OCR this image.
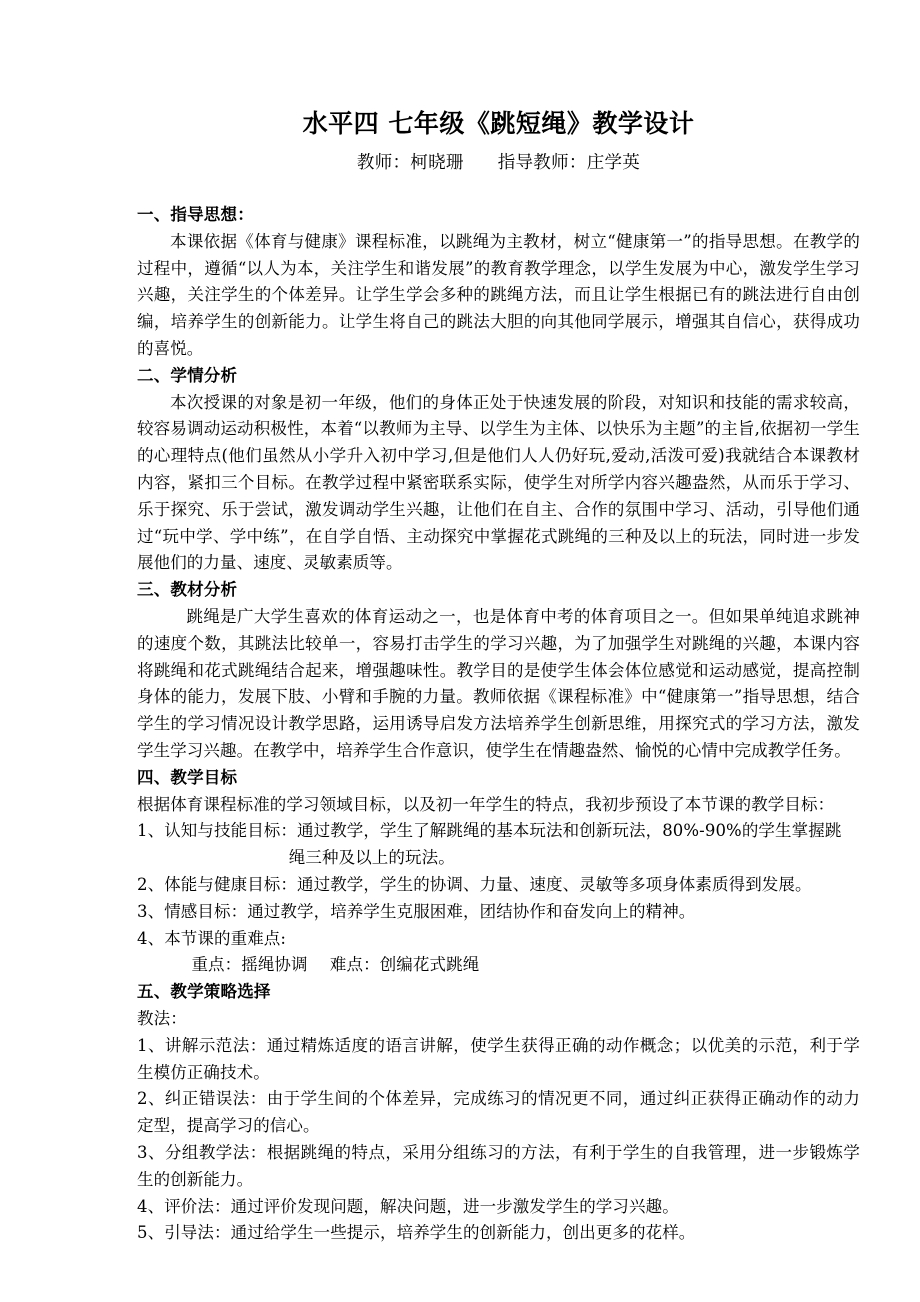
水平四 七年级《跳短绳》教学设计

教师：柯晓珊 指导教师：庄学英

一、指导思想：

本课依据《体育与健康》课程标准，以跳绳为主教材，树立“健康第一”的指导思想。在教学的过程中，遵循“以人为本，关注学生和谐发展”的教育教学理念，以学生发展为中心，激发学生学习兴趣，关注学生的个体差异。让学生学会多种的跳绳方法，而且让学生根据已有的跳法进行自由创编，培养学生的创新能力。让学生将自己的跳法大胆的向其他同学展示，增强其自信心，获得成功的喜悦。

二、学情分析

本次授课的对象是初一年级，他们的身体正处于快速发展的阶段，对知识和技能的需求较高，较容易调动运动积极性，本着“以教师为主导、以学生为主体、以快乐为主题”的主旨,依据初一学生的心理特点(他们虽然从小学升入初中学习,但是他们人人仍好玩,爱动,活泼可爱)我就结合本课教材内容，紧扣三个目标。在教学过程中紧密联系实际，使学生对所学内容兴趣盎然，从而乐于学习、乐于探究、乐于尝试，激发调动学生兴趣，让他们在自主、合作的氛围中学习、活动，引导他们通过“玩中学、学中练”，在自学自悟、主动探究中掌握花式跳绳的三种及以上的玩法，同时进一步发展他们的力量、速度、灵敏素质等。

三、教材分析

跳绳是广大学生喜欢的体育运动之一，也是体育中考的体育项目之一。但如果单纯追求跳神的速度个数，其跳法比较单一，容易打击学生的学习兴趣，为了加强学生对跳绳的兴趣，本课内容将跳绳和花式跳绳结合起来，增强趣味性。教学目的是使学生体会体位感觉和运动感觉，提高控制身体的能力，发展下肢、小臂和手腕的力量。教师依据《课程标准》中“健康第一”指导思想，结合学生的学习情况设计教学思路，运用诱导启发方法培养学生创新思维，用探究式的学习方法，激发学生学习兴趣。在教学中，培养学生合作意识，使学生在情趣盎然、愉悦的心情中完成教学任务。

四、教学目标

根据体育课程标准的学习领域目标，以及初一年学生的特点，我初步预设了本节课的教学目标：

1、认知与技能目标：通过教学，学生了解跳绳的基本玩法和创新玩法，80%-90%的学生掌握跳

绳三种及以上的玩法。

2、体能与健康目标：通过教学，学生的协调、力量、速度、灵敏等多项身体素质得到发展。

3、情感目标：通过教学，培养学生克服困难，团结协作和奋发向上的精神。

4、本节课的重难点:

重点：摇绳协调 难点：创编花式跳绳

五、教学策略选择

教法：

1、讲解示范法：通过精炼适度的语言讲解，使学生获得正确的动作概念；以优美的示范，利于学生模仿正确技术。

2、纠正错误法：由于学生间的个体差异，完成练习的情况更不同，通过纠正获得正确动作的动力定型，提高学习的信心。

3、分组教学法：根据跳绳的特点，采用分组练习的方法，有利于学生的自我管理，进一步锻炼学生的创新能力。

4、评价法：通过评价发现问题，解决问题，进一步激发学生的学习兴趣。

5、引导法：通过给学生一些提示，培养学生的创新能力，创出更多的花样。
